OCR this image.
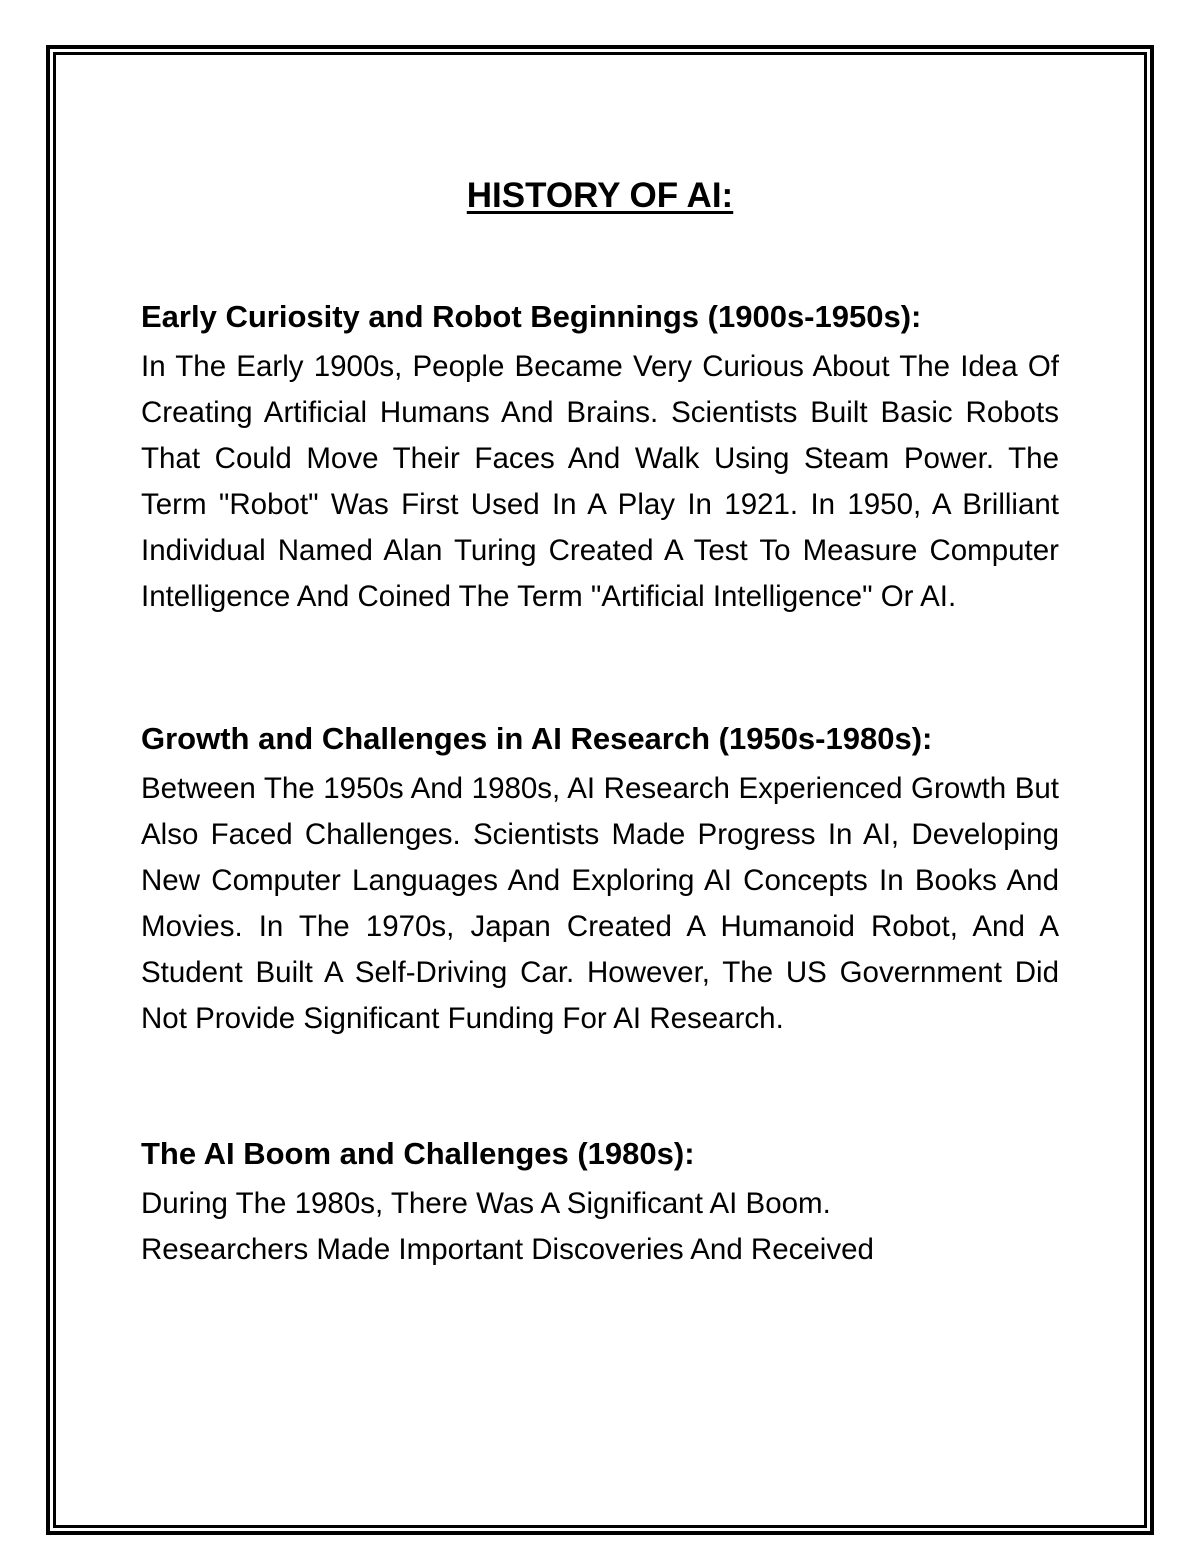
HISTORY OF AI:
Early Curiosity and Robot Beginnings (1900s-1950s):

In The Early 1900s, People Became Very Curious About The Idea Of Creating Artificial Humans And Brains. Scientists Built Basic Robots That Could Move Their Faces And Walk Using Steam Power. The Term "Robot" Was First Used In A Play In 1921. In 1950, A Brilliant Individual Named Alan Turing Created A Test To Measure Computer Intelligence And Coined The Term "Artificial Intelligence" Or AI.

Growth and Challenges in AI Research (1950s-1980s):

Between The 1950s And 1980s, AI Research Experienced Growth But Also Faced Challenges. Scientists Made Progress In AI, Developing New Computer Languages And Exploring AI Concepts In Books And Movies. In The 1970s, Japan Created A Humanoid Robot, And A Student Built A Self-Driving Car. However, The US Government Did Not Provide Significant Funding For AI Research.

The AI Boom and Challenges (1980s):

During The 1980s, There Was A Significant AI Boom. Researchers Made Important Discoveries And Received
